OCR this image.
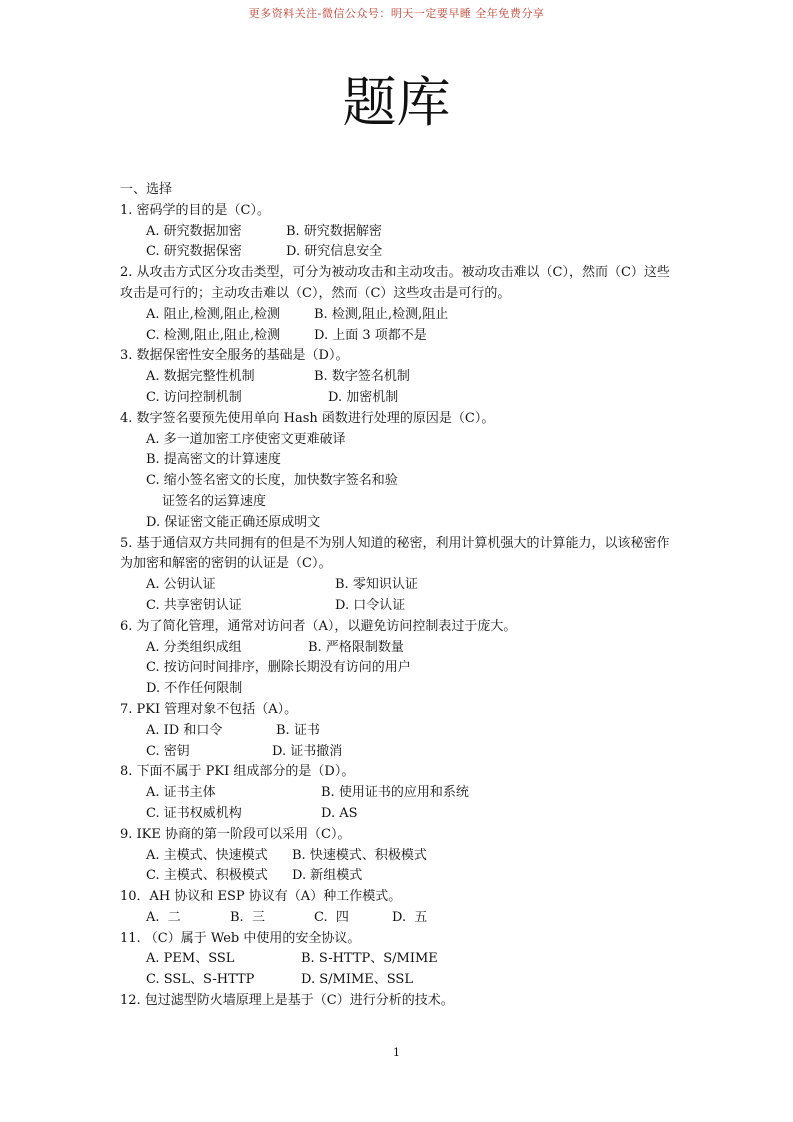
更多资料关注-微信公众号：明天一定要早睡 全年免费分享
题库
一、选择
1. 密码学的目的是（C）。
A. 研究数据加密	B. 研究数据解密
C. 研究数据保密	D. 研究信息安全
2. 从攻击方式区分攻击类型，可分为被动攻击和主动攻击。被动攻击难以（C），然而（C）这些攻击是可行的；主动攻击难以（C），然而（C）这些攻击是可行的。
A. 阻止,检测,阻止,检测	B. 检测,阻止,检测,阻止
C. 检测,阻止,阻止,检测	D. 上面 3 项都不是
3. 数据保密性安全服务的基础是（D）。
A. 数据完整性机制	B. 数字签名机制
C. 访问控制机制	D. 加密机制
4. 数字签名要预先使用单向 Hash 函数进行处理的原因是（C）。
A. 多一道加密工序使密文更难破译
B. 提高密文的计算速度
C. 缩小签名密文的长度，加快数字签名和验
证签名的运算速度
D. 保证密文能正确还原成明文
5. 基于通信双方共同拥有的但是不为别人知道的秘密，利用计算机强大的计算能力，以该秘密作为加密和解密的密钥的认证是（C）。
A. 公钥认证	B. 零知识认证
C. 共享密钥认证	D. 口令认证
6. 为了简化管理，通常对访问者（A），以避免访问控制表过于庞大。
A. 分类组织成组	B. 严格限制数量
C. 按访问时间排序，删除长期没有访问的用户
D. 不作任何限制
7. PKI 管理对象不包括（A）。
A. ID 和口令	B. 证书
C. 密钥	D. 证书撤消
8. 下面不属于 PKI 组成部分的是（D）。
A. 证书主体	B. 使用证书的应用和系统
C. 证书权威机构	D. AS
9. IKE 协商的第一阶段可以采用（C）。
A. 主模式、快速模式	B. 快速模式、积极模式
C. 主模式、积极模式	D. 新组模式
10．AH 协议和 ESP 协议有（A）种工作模式。
A.  二	B.  三	C.  四	D.  五
11. （C）属于 Web 中使用的安全协议。
A. PEM、SSL	B. S-HTTP、S/MIME
C. SSL、S-HTTP	D. S/MIME、SSL
12. 包过滤型防火墙原理上是基于（C）进行分析的技术。
1
